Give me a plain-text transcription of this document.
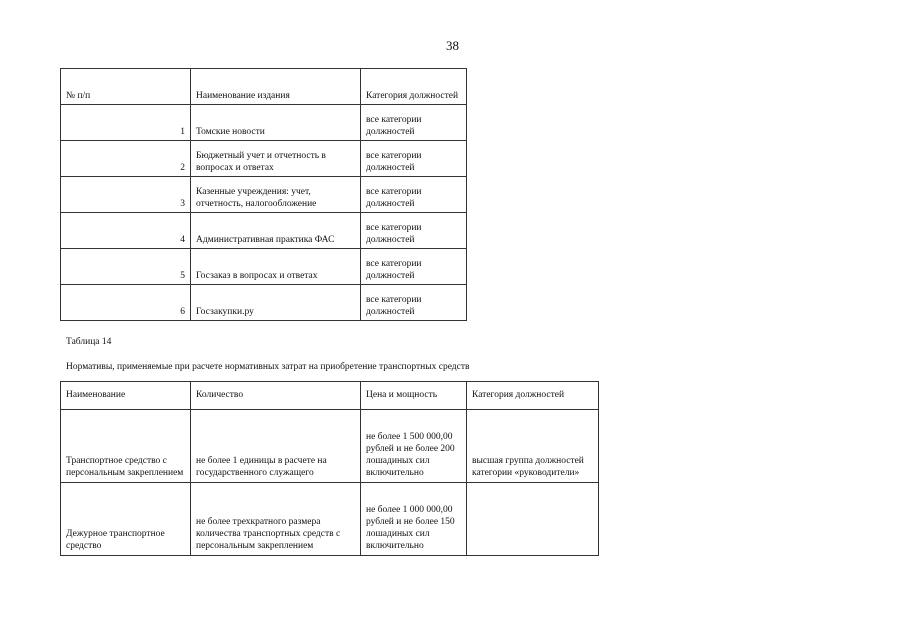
38
№ п/п	Наименование издания	Категория должностей
1	Томские новости	все категории должностей
2	Бюджетный учет и отчетность в вопросах и ответах	все категории должностей
3	Казенные учреждения: учет, отчетность, налогообложение	все категории должностей
4	Административная практика ФАС	все категории должностей
5	Госзаказ в вопросах и ответах	все категории должностей
6	Госзакупки.ру	все категории должностей
Таблица 14
Нормативы, применяемые при расчете нормативных затрат на приобретение транспортных средств
Наименование	Количество	Цена и мощность	Категория должностей
Транспортное средство с персональным закреплением	не более 1 единицы в расчете на государственного служащего	не более 1 500 000,00 рублей и не более 200 лошадиных сил включительно	высшая группа должностей категории «руководители»
Дежурное транспортное средство	не более трехкратного размера количества транспортных средств с персональным закреплением	не более 1 000 000,00 рублей и не более 150 лошадиных сил включительно	
